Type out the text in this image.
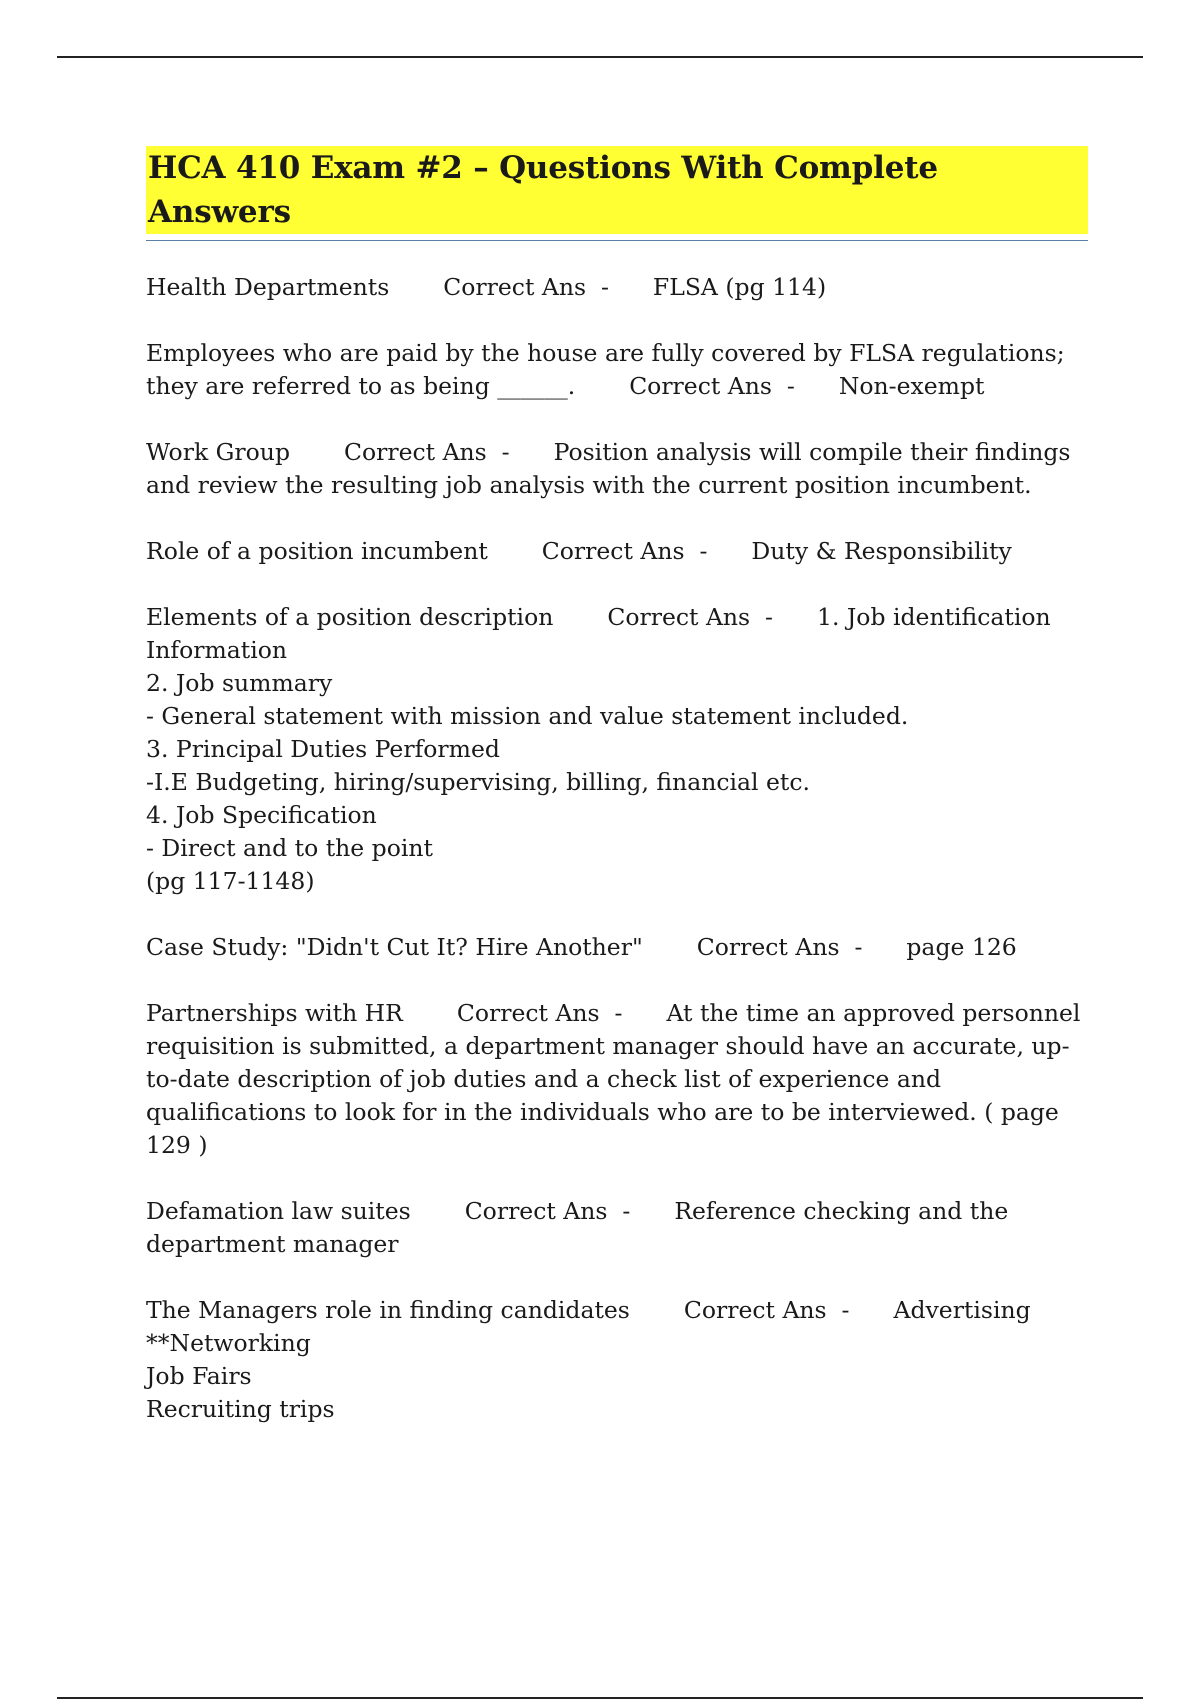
HCA 410 Exam #2 – Questions With Complete Answers
Health Departments Correct Ans  - FLSA (pg 114)
Employees who are paid by the house are fully covered by FLSA regulations; they are referred to as being ______. Correct Ans  - Non-exempt
Work Group Correct Ans  - Position analysis will compile their findings and review the resulting job analysis with the current position incumbent.
Role of a position incumbent Correct Ans  - Duty & Responsibility
Elements of a position description Correct Ans  - 1. Job identification Information
2. Job summary
- General statement with mission and value statement included.
3. Principal Duties Performed
-I.E Budgeting, hiring/supervising, billing, financial etc.
4. Job Specification
- Direct and to the point
(pg 117-1148)
Case Study: "Didn't Cut It? Hire Another" Correct Ans  - page 126
Partnerships with HR Correct Ans  - At the time an approved personnel requisition is submitted, a department manager should have an accurate, up-to-date description of job duties and a check list of experience and qualifications to look for in the individuals who are to be interviewed. ( page 129 )
Defamation law suites Correct Ans  - Reference checking and the department manager
The Managers role in finding candidates Correct Ans  - Advertising
**Networking
Job Fairs
Recruiting trips
